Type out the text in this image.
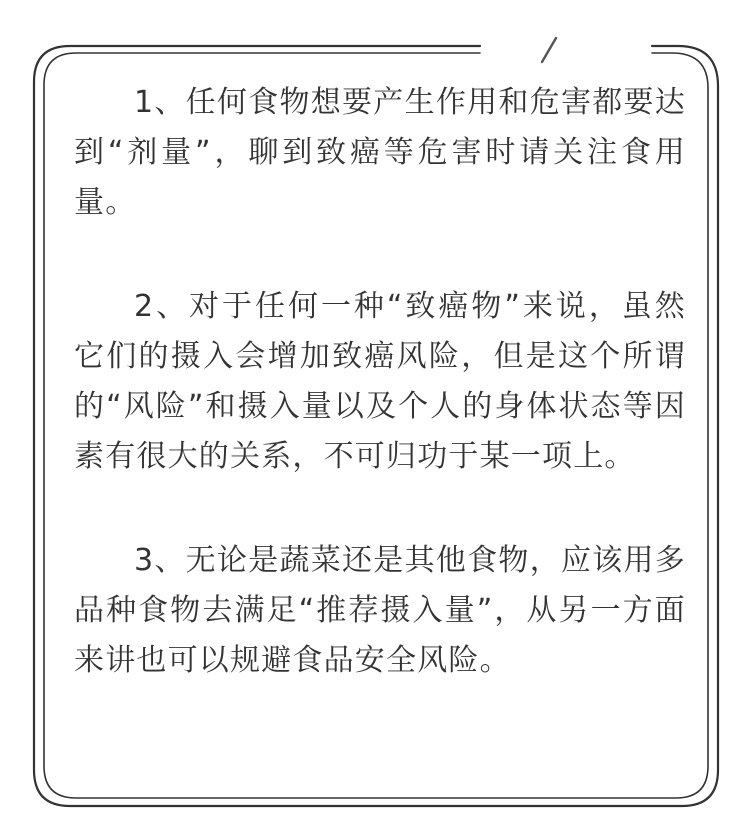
1、任何食物想要产生作用和危害都要达到“剂量”，聊到致癌等危害时请关注食用量。

2、对于任何一种“致癌物”来说，虽然它们的摄入会增加致癌风险，但是这个所谓的“风险”和摄入量以及个人的身体状态等因素有很大的关系，不可归功于某一项上。

3、无论是蔬菜还是其他食物，应该用多品种食物去满足“推荐摄入量”，从另一方面来讲也可以规避食品安全风险。
